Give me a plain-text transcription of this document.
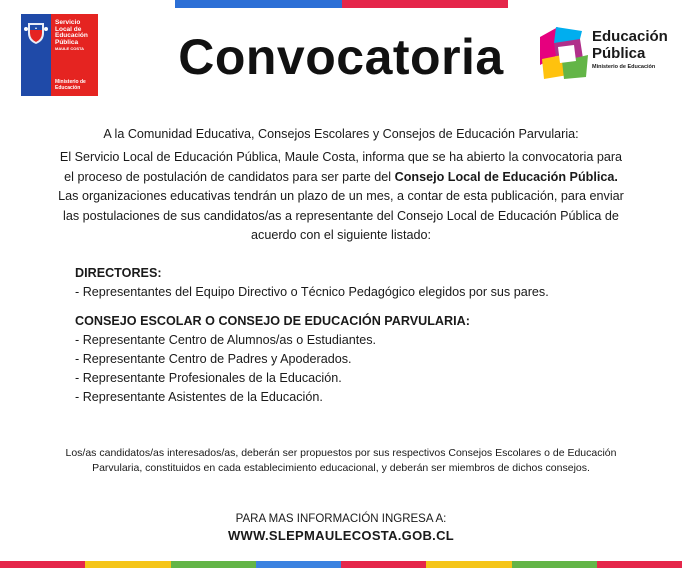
Servicio Local de Educación Pública
MAULE COSTA
Ministerio de Educación
Convocatoria	Educación
Pública
Ministerio de Educación
A la Comunidad Educativa, Consejos Escolares y Consejos de Educación Parvularia:
El Servicio Local de Educación Pública, Maule Costa, informa que se ha abierto la convocatoria para
el proceso de postulación de candidatos para ser parte del Consejo Local de Educación Pública.
Las organizaciones educativas tendrán un plazo de un mes, a contar de esta publicación, para enviar
las postulaciones de sus candidatos/as a representante del Consejo Local de Educación Pública de
acuerdo con el siguiente listado:
DIRECTORES:
- Representantes del Equipo Directivo o Técnico Pedagógico elegidos por sus pares.
CONSEJO ESCOLAR O CONSEJO DE EDUCACIÓN PARVULARIA:
- Representante Centro de Alumnos/as o Estudiantes.
- Representante Centro de Padres y Apoderados.
- Representante Profesionales de la Educación.
- Representante Asistentes de la Educación.
Los/as candidatos/as interesados/as, deberán ser propuestos por sus respectivos Consejos Escolares o de Educación
Parvularia, constituidos en cada establecimiento educacional, y deberán ser miembros de dichos consejos.
PARA MAS INFORMACIÓN INGRESA A:
WWW.SLEPMAULECOSTA.GOB.CL
